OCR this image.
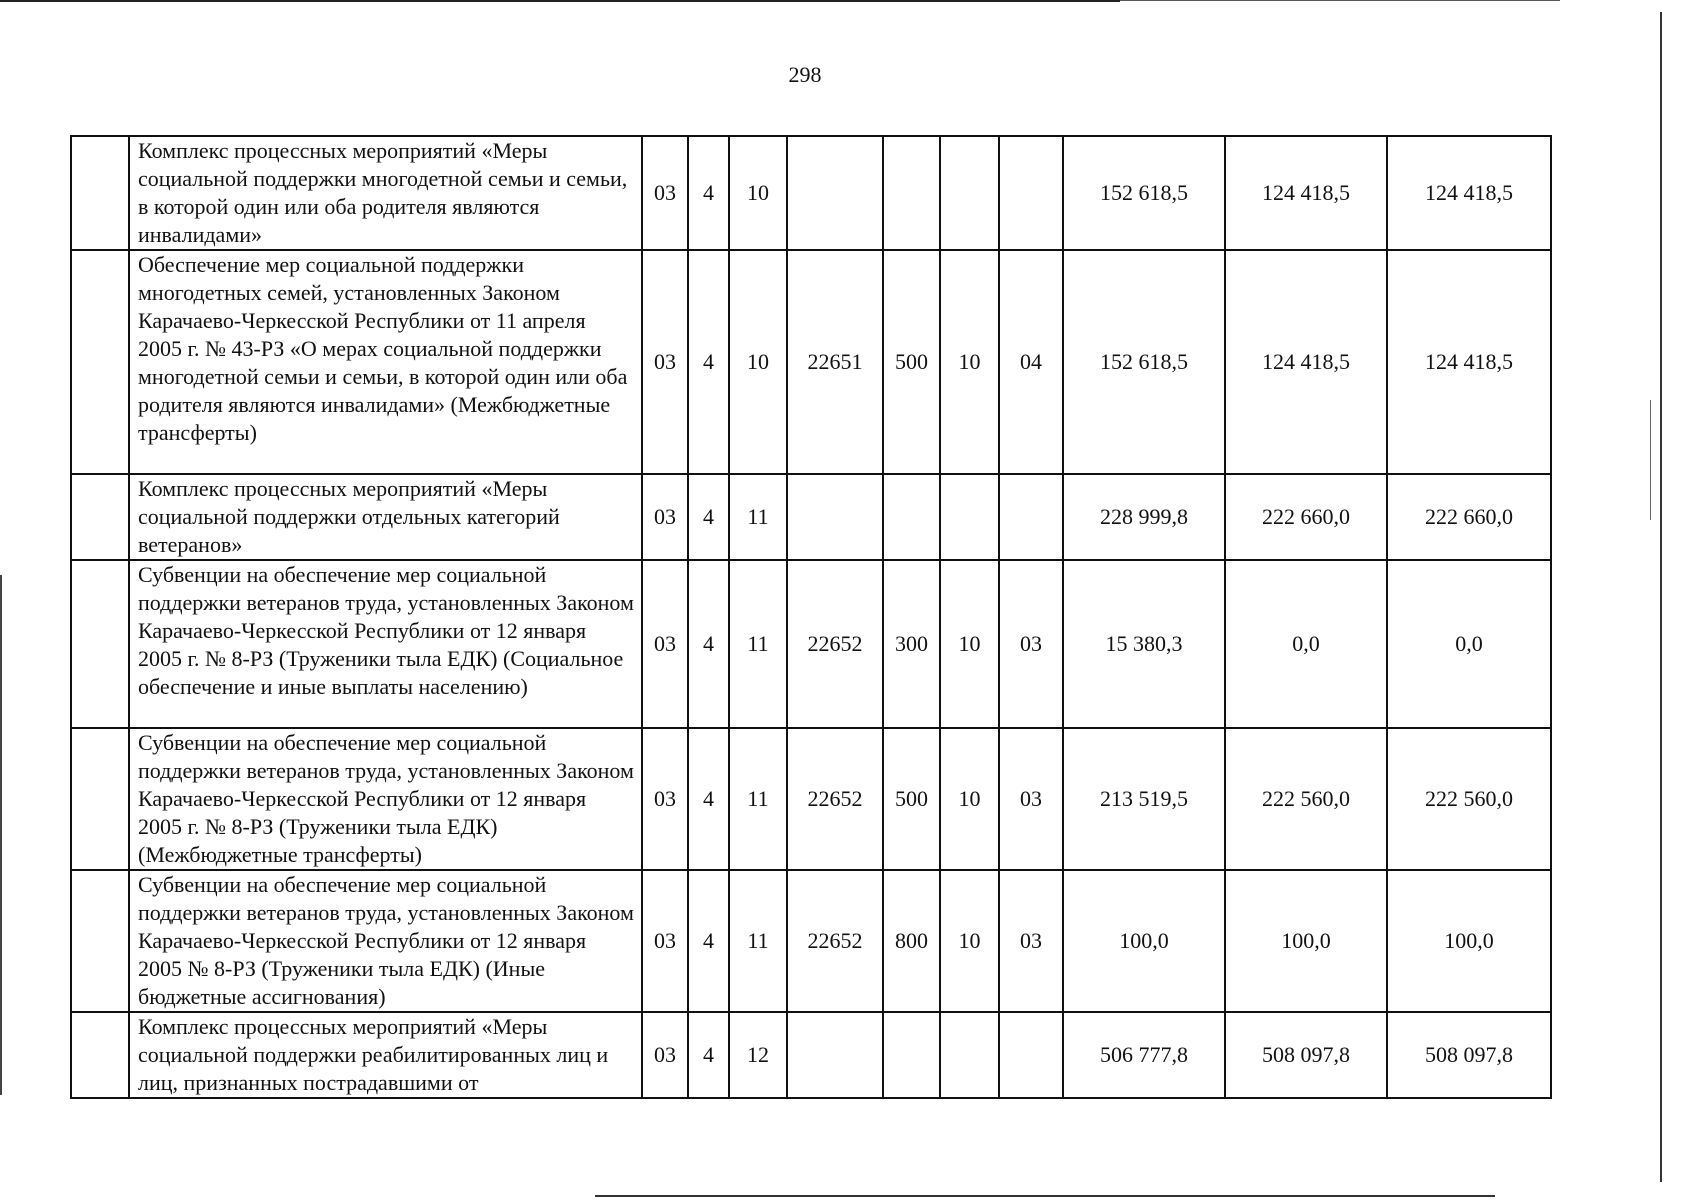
298
	Комплекс процессных мероприятий «Меры социальной поддержки многодетной семьи и семьи, в которой один или оба родителя являются инвалидами»	03	4	10					152 618,5	124 418,5	124 418,5
	Обеспечение мер социальной поддержки многодетных семей, установленных Законом Карачаево-Черкесской Республики от 11 апреля 2005 г. № 43-РЗ «О мерах социальной поддержки многодетной семьи и семьи, в которой один или оба родителя являются инвалидами» (Межбюджетные трансферты)	03	4	10	22651	500	10	04	152 618,5	124 418,5	124 418,5
	Комплекс процессных мероприятий «Меры социальной поддержки отдельных категорий ветеранов»	03	4	11					228 999,8	222 660,0	222 660,0
	Субвенции на обеспечение мер социальной поддержки ветеранов труда, установленных Законом Карачаево-Черкесской Республики от 12 января 2005 г. № 8-РЗ (Труженики тыла ЕДК) (Социальное обеспечение и иные выплаты населению)	03	4	11	22652	300	10	03	15 380,3	0,0	0,0
	Субвенции на обеспечение мер социальной поддержки ветеранов труда, установленных Законом Карачаево-Черкесской Республики от 12 января 2005 г. № 8-РЗ (Труженики тыла ЕДК) (Межбюджетные трансферты)	03	4	11	22652	500	10	03	213 519,5	222 560,0	222 560,0
	Субвенции на обеспечение мер социальной поддержки ветеранов труда, установленных Законом Карачаево-Черкесской Республики от 12 января 2005 № 8-РЗ (Труженики тыла ЕДК) (Иные бюджетные ассигнования)	03	4	11	22652	800	10	03	100,0	100,0	100,0
	Комплекс процессных мероприятий «Меры социальной поддержки реабилитированных лиц и лиц, признанных пострадавшими от	03	4	12					506 777,8	508 097,8	508 097,8
